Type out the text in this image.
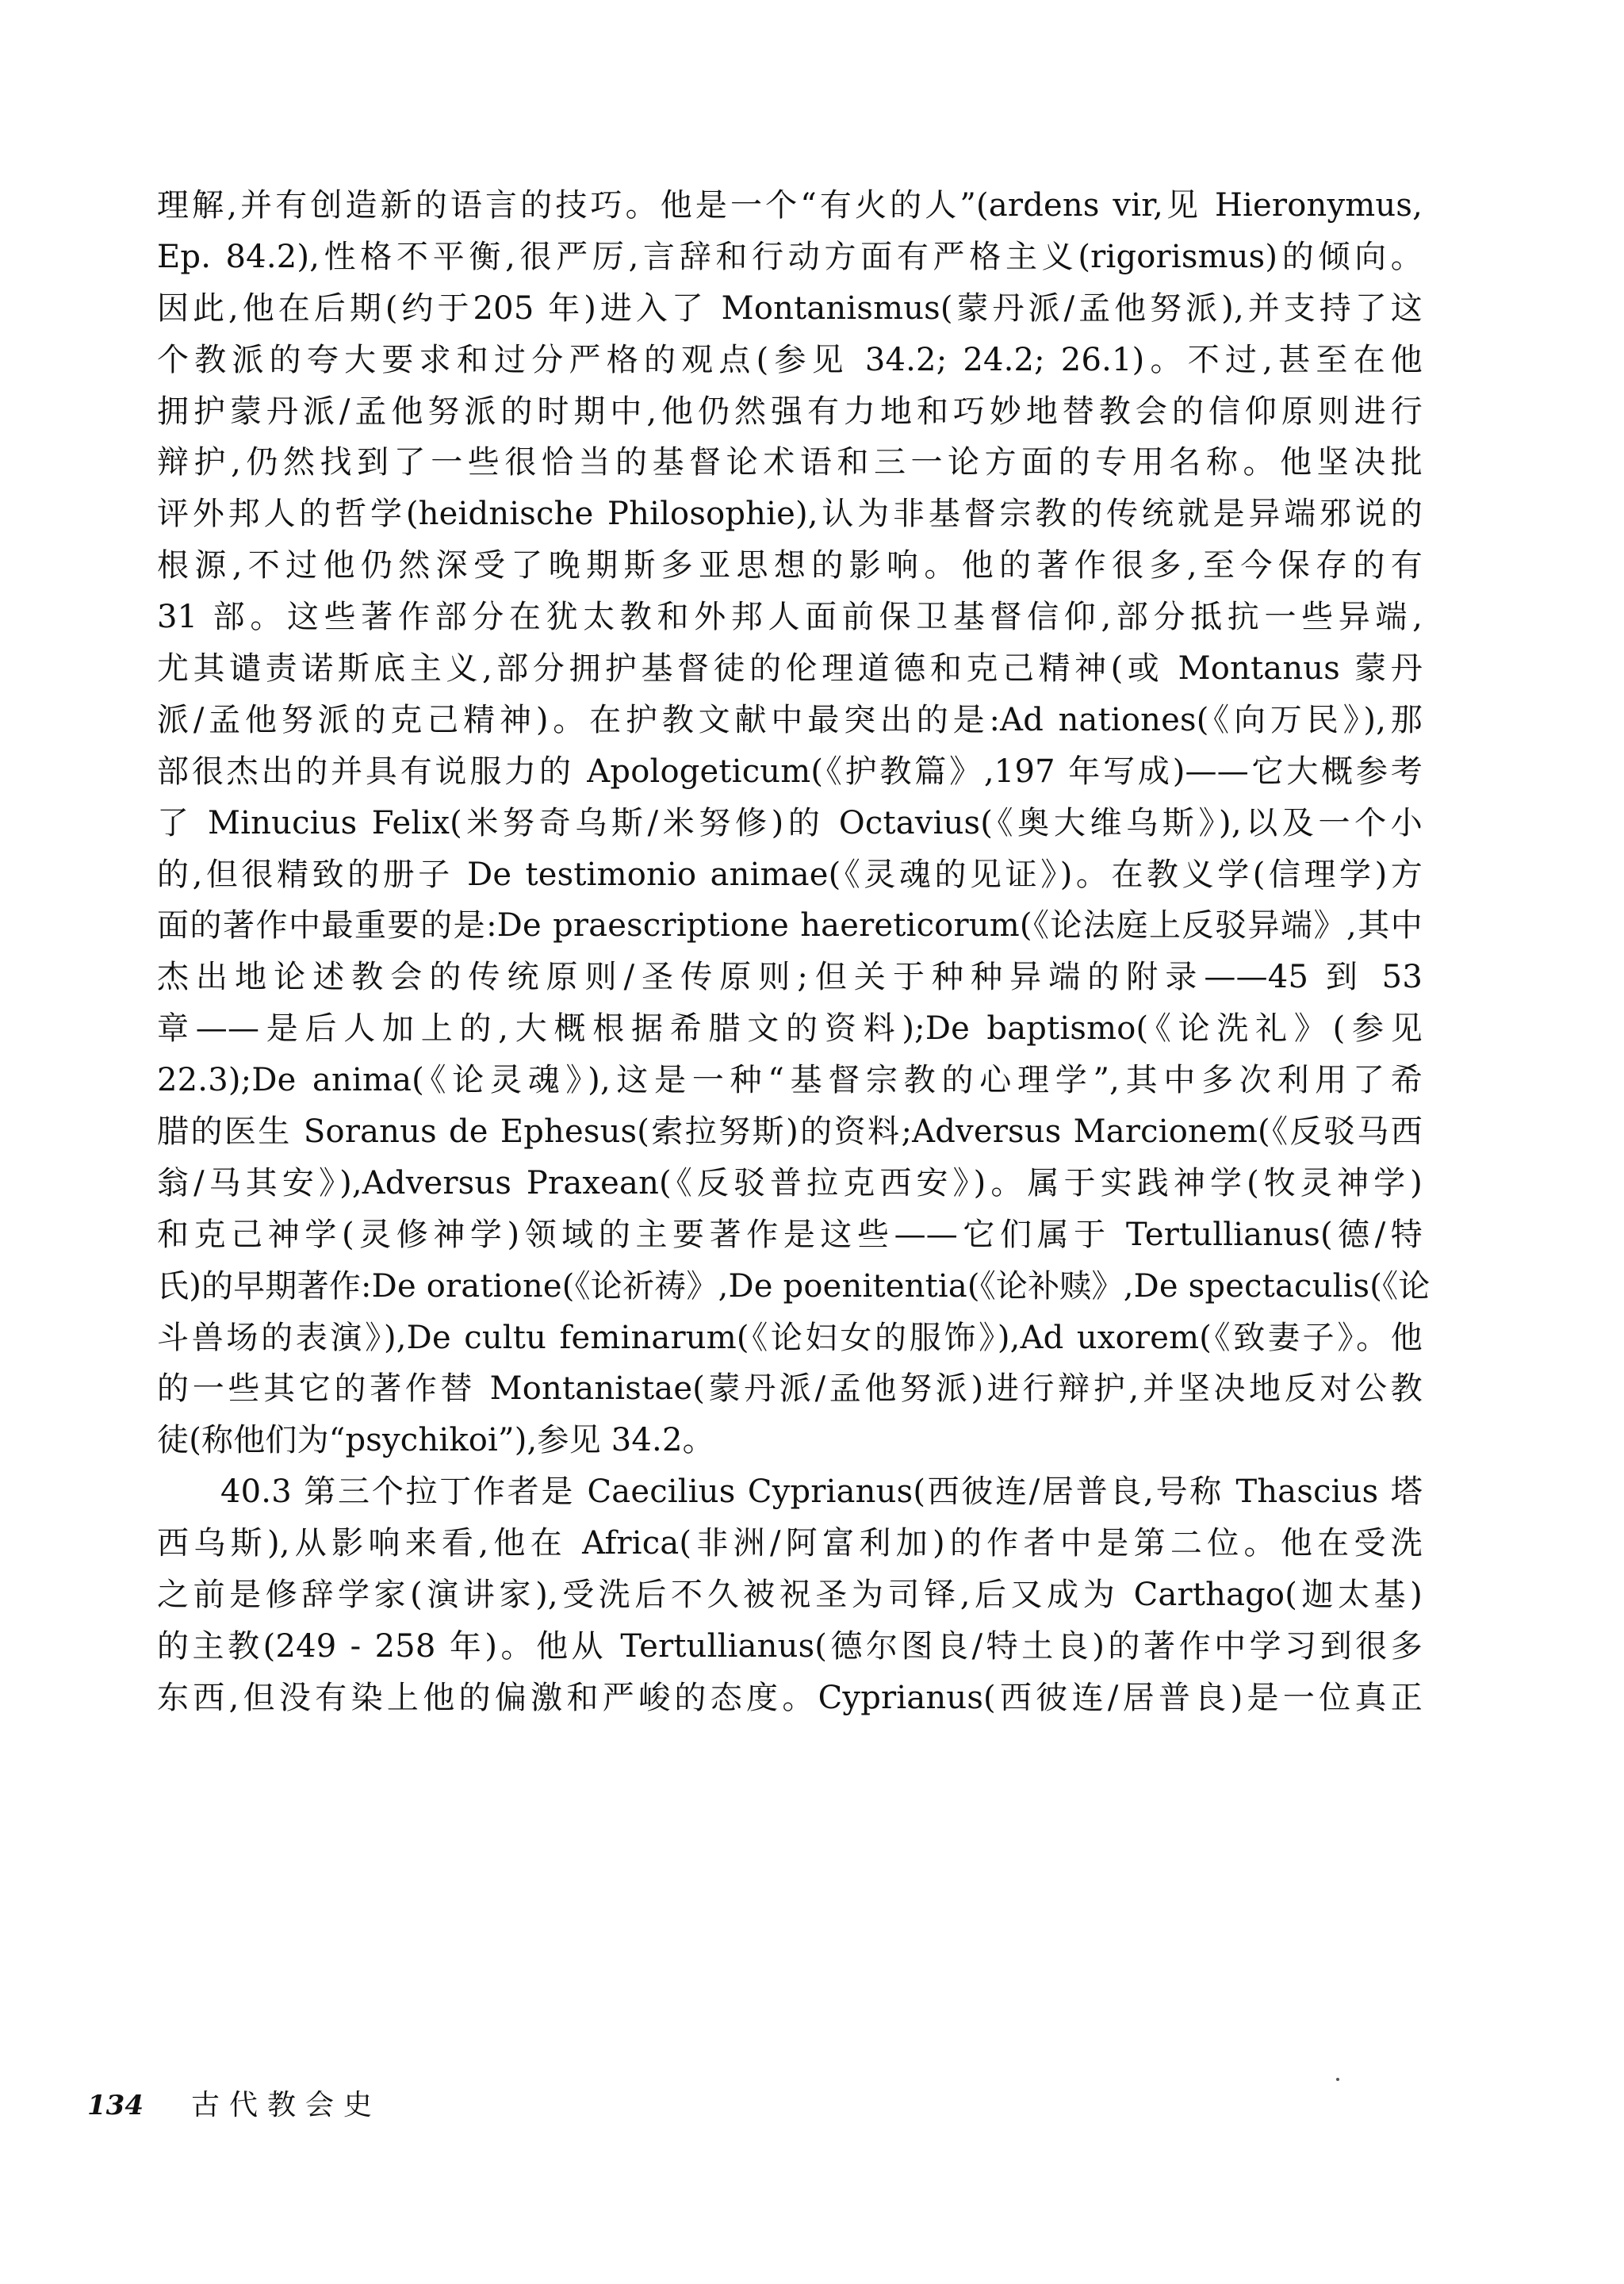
理解,并有创造新的语言的技巧。他是一个“有火的人”(ardens vir,见 Hieronymus,
Ep. 84.2),性格不平衡,很严厉,言辞和行动方面有严格主义(rigorismus)的倾向。
因此,他在后期(约于205 年)进入了 Montanismus(蒙丹派/孟他努派),并支持了这
个教派的夸大要求和过分严格的观点(参见 34.2; 24.2; 26.1)。不过,甚至在他
拥护蒙丹派/孟他努派的时期中,他仍然强有力地和巧妙地替教会的信仰原则进行
辩护,仍然找到了一些很恰当的基督论术语和三一论方面的专用名称。他坚决批
评外邦人的哲学(heidnische Philosophie),认为非基督宗教的传统就是异端邪说的
根源,不过他仍然深受了晚期斯多亚思想的影响。他的著作很多,至今保存的有
31 部。这些著作部分在犹太教和外邦人面前保卫基督信仰,部分抵抗一些异端,
尤其谴责诺斯底主义,部分拥护基督徒的伦理道德和克己精神(或 Montanus 蒙丹
派/孟他努派的克己精神)。在护教文献中最突出的是:Ad nationes(《向万民》),那
部很杰出的并具有说服力的 Apologeticum(《护教篇》,197 年写成)——它大概参考
了 Minucius Felix(米努奇乌斯/米努修)的 Octavius(《奥大维乌斯》),以及一个小
的,但很精致的册子 De testimonio animae(《灵魂的见证》)。在教义学(信理学)方
面的著作中最重要的是:De praescriptione haereticorum(《论法庭上反驳异端》,其中
杰出地论述教会的传统原则/圣传原则;但关于种种异端的附录——45 到 53
章——是后人加上的,大概根据希腊文的资料);De baptismo(《论洗礼》(参见
22.3);De anima(《论灵魂》),这是一种“基督宗教的心理学”,其中多次利用了希
腊的医生 Soranus de Ephesus(索拉努斯)的资料;Adversus Marcionem(《反驳马西
翁/马其安》),Adversus Praxean(《反驳普拉克西安》)。属于实践神学(牧灵神学)
和克己神学(灵修神学)领域的主要著作是这些——它们属于 Tertullianus(德/特
氏)的早期著作:De oratione(《论祈祷》,De poenitentia(《论补赎》,De spectaculis(《论
斗兽场的表演》),De cultu feminarum(《论妇女的服饰》),Ad uxorem(《致妻子》。他
的一些其它的著作替 Montanistae(蒙丹派/孟他努派)进行辩护,并坚决地反对公教
徒(称他们为“psychikoi”),参见 34.2。
40.3 第三个拉丁作者是 Caecilius Cyprianus(西彼连/居普良,号称 Thascius 塔
西乌斯),从影响来看,他在 Africa(非洲/阿富利加)的作者中是第二位。他在受洗
之前是修辞学家(演讲家),受洗后不久被祝圣为司铎,后又成为 Carthago(迦太基)
的主教(249 - 258 年)。他从 Tertullianus(德尔图良/特土良)的著作中学习到很多
东西,但没有染上他的偏激和严峻的态度。Cyprianus(西彼连/居普良)是一位真正
134 古代教会史
